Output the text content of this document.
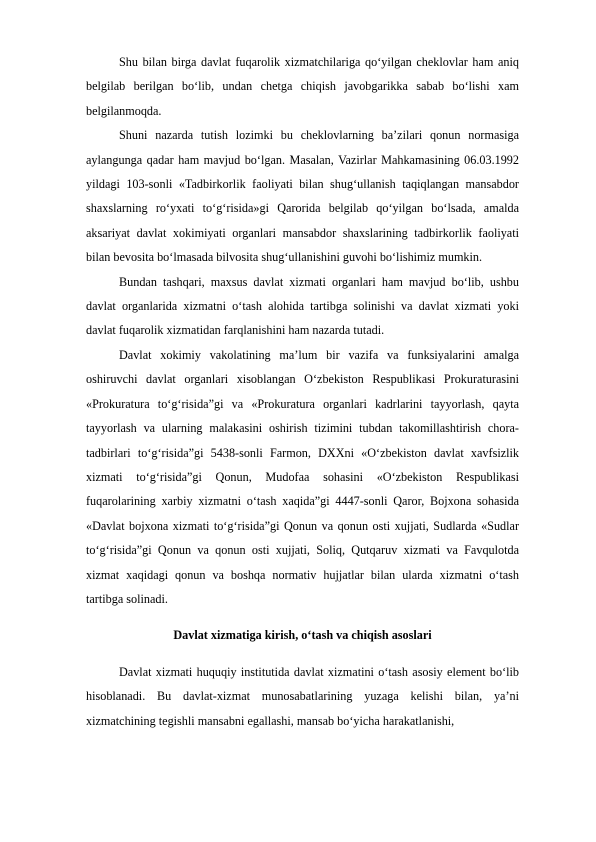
Shu bilan birga davlat fuqarolik xizmatchilariga qo‘yilgan cheklovlar ham aniq belgilab berilgan bo‘lib, undan chetga chiqish javobgarikka sabab bo‘lishi xam belgilanmoqda.

Shuni nazarda tutish lozimki bu cheklovlarning ba’zilari qonun normasiga aylangunga qadar ham mavjud bo‘lgan. Masalan, Vazirlar Mahkamasining 06.03.1992 yildagi 103-sonli «Tadbirkorlik faoliyati bilan shug‘ullanish taqiqlangan mansabdor shaxslarning ro‘yxati to‘g‘risida»gi Qarorida belgilab qo‘yilgan bo‘lsada, amalda aksariyat davlat xokimiyati organlari mansabdor shaxslarining tadbirkorlik faoliyati bilan bevosita bo‘lmasada bilvosita shug‘ullanishini guvohi bo‘lishimiz mumkin.

Bundan tashqari, maxsus davlat xizmati organlari ham mavjud bo‘lib, ushbu davlat organlarida xizmatni o‘tash alohida tartibga solinishi va davlat xizmati yoki davlat fuqarolik xizmatidan farqlanishini ham nazarda tutadi.

Davlat xokimiy vakolatining ma’lum bir vazifa va funksiyalarini amalga oshiruvchi davlat organlari xisoblangan O‘zbekiston Respublikasi Prokuraturasini «Prokuratura to‘g‘risida”gi va «Prokuratura organlari kadrlarini tayyorlash, qayta tayyorlash va ularning malakasini oshirish tizimini tubdan takomillashtirish chora-tadbirlari to‘g‘risida”gi 5438-sonli Farmon, DXXni «O‘zbekiston davlat xavfsizlik xizmati to‘g‘risida”gi Qonun, Mudofaa sohasini «O‘zbekiston Respublikasi fuqarolarining xarbiy xizmatni o‘tash xaqida”gi 4447-sonli Qaror, Bojxona sohasida «Davlat bojxona xizmati to‘g‘risida”gi Qonun va qonun osti xujjati, Sudlarda «Sudlar to‘g‘risida”gi Qonun va qonun osti xujjati, Soliq, Qutqaruv xizmati va Favqulotda xizmat xaqidagi qonun va boshqa normativ hujjatlar bilan ularda xizmatni o‘tash tartibga solinadi.

Davlat xizmatiga kirish, o‘tash va chiqish asoslari

Davlat xizmati huquqiy institutida davlat xizmatini o‘tash asosiy element bo‘lib hisoblanadi. Bu davlat-xizmat munosabatlarining yuzaga kelishi bilan, ya’ni xizmatchining tegishli mansabni egallashi, mansab bo‘yicha harakatlanishi,
